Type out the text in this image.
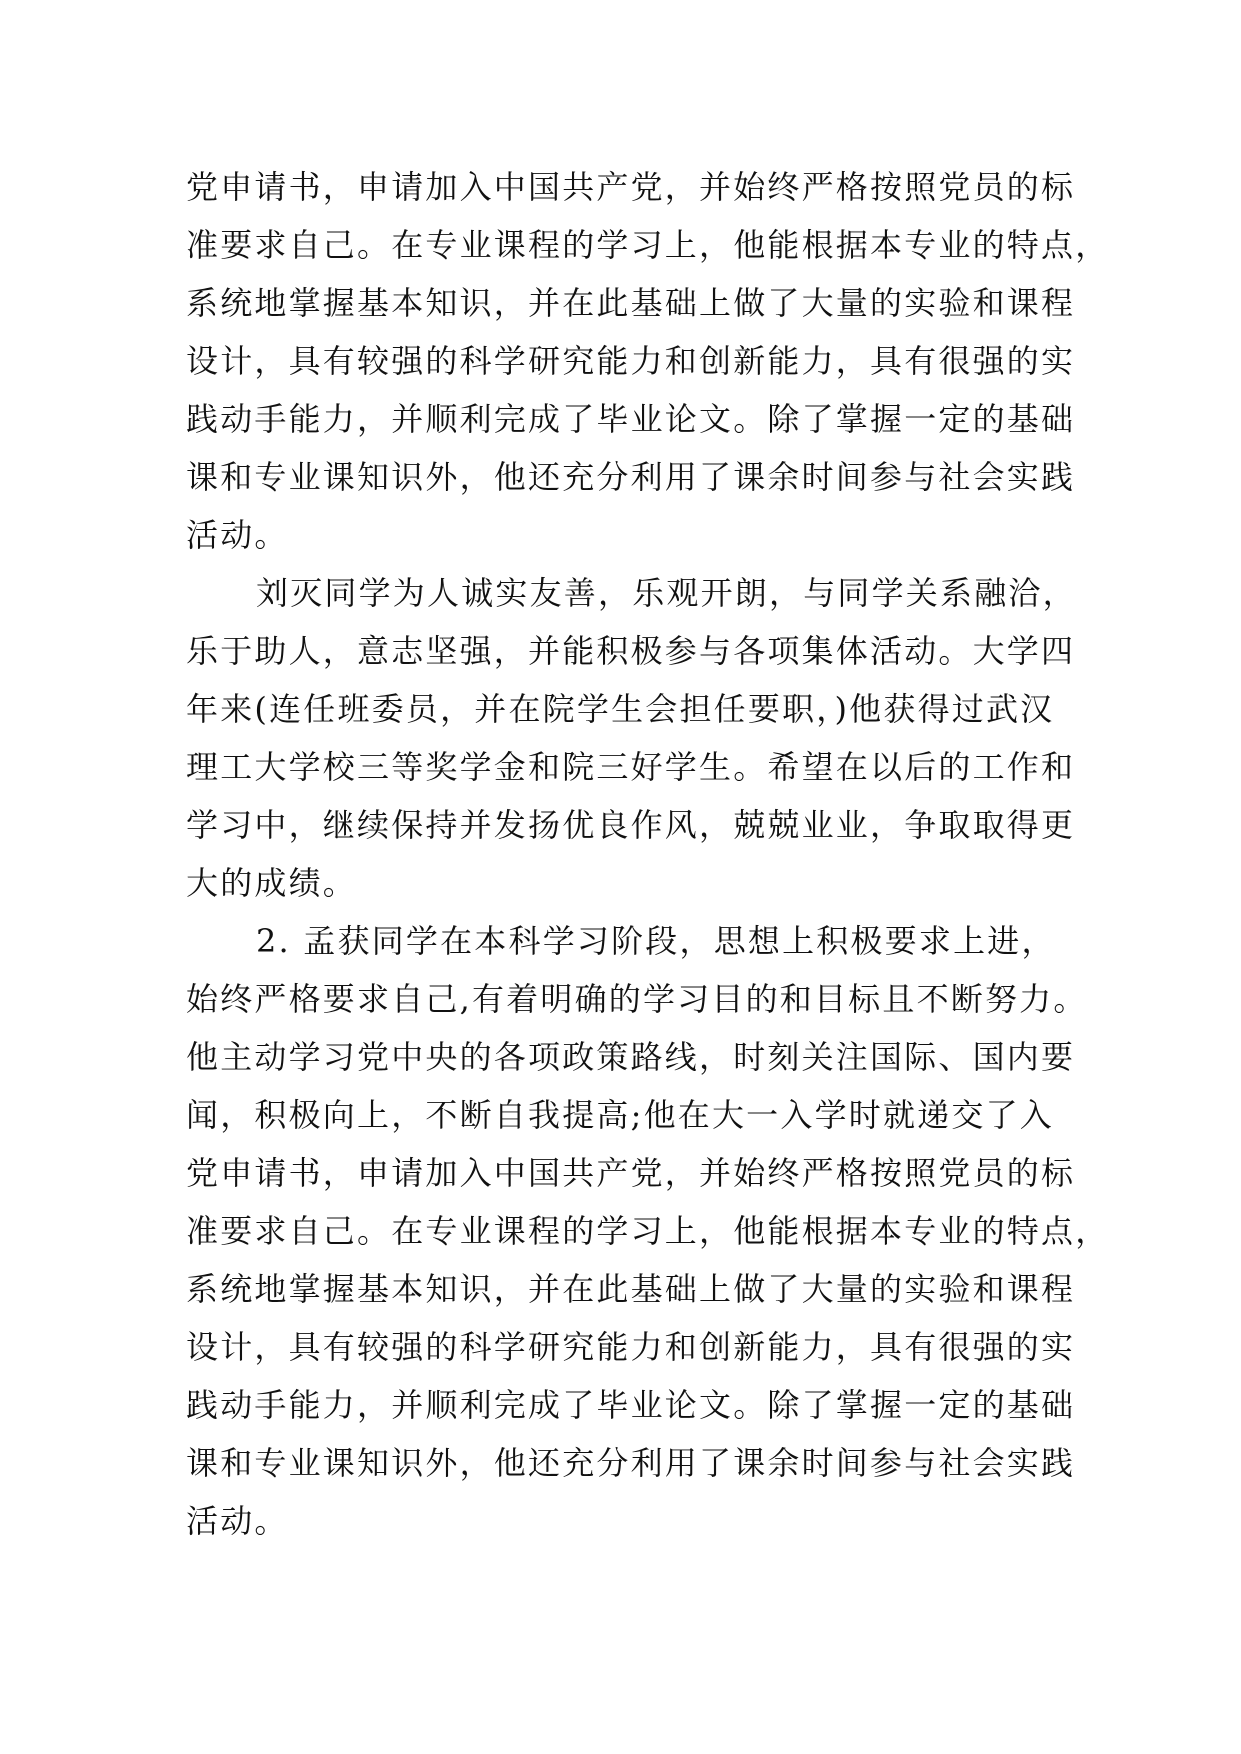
党申请书，申请加入中国共产党，并始终严格按照党员的标
准要求自己。在专业课程的学习上，他能根据本专业的特点，
系统地掌握基本知识，并在此基础上做了大量的实验和课程
设计，具有较强的科学研究能力和创新能力，具有很强的实
践动手能力，并顺利完成了毕业论文。除了掌握一定的基础
课和专业课知识外，他还充分利用了课余时间参与社会实践
活动。
刘灭同学为人诚实友善，乐观开朗，与同学关系融洽，
乐于助人，意志坚强，并能积极参与各项集体活动。大学四
年来(连任班委员，并在院学生会担任要职，)他获得过武汉
理工大学校三等奖学金和院三好学生。希望在以后的工作和
学习中，继续保持并发扬优良作风，兢兢业业，争取取得更
大的成绩。
2. 孟获同学在本科学习阶段，思想上积极要求上进，
始终严格要求自己,有着明确的学习目的和目标且不断努力。
他主动学习党中央的各项政策路线，时刻关注国际、国内要
闻，积极向上，不断自我提高;他在大一入学时就递交了入
党申请书，申请加入中国共产党，并始终严格按照党员的标
准要求自己。在专业课程的学习上，他能根据本专业的特点，
系统地掌握基本知识，并在此基础上做了大量的实验和课程
设计，具有较强的科学研究能力和创新能力，具有很强的实
践动手能力，并顺利完成了毕业论文。除了掌握一定的基础
课和专业课知识外，他还充分利用了课余时间参与社会实践
活动。
